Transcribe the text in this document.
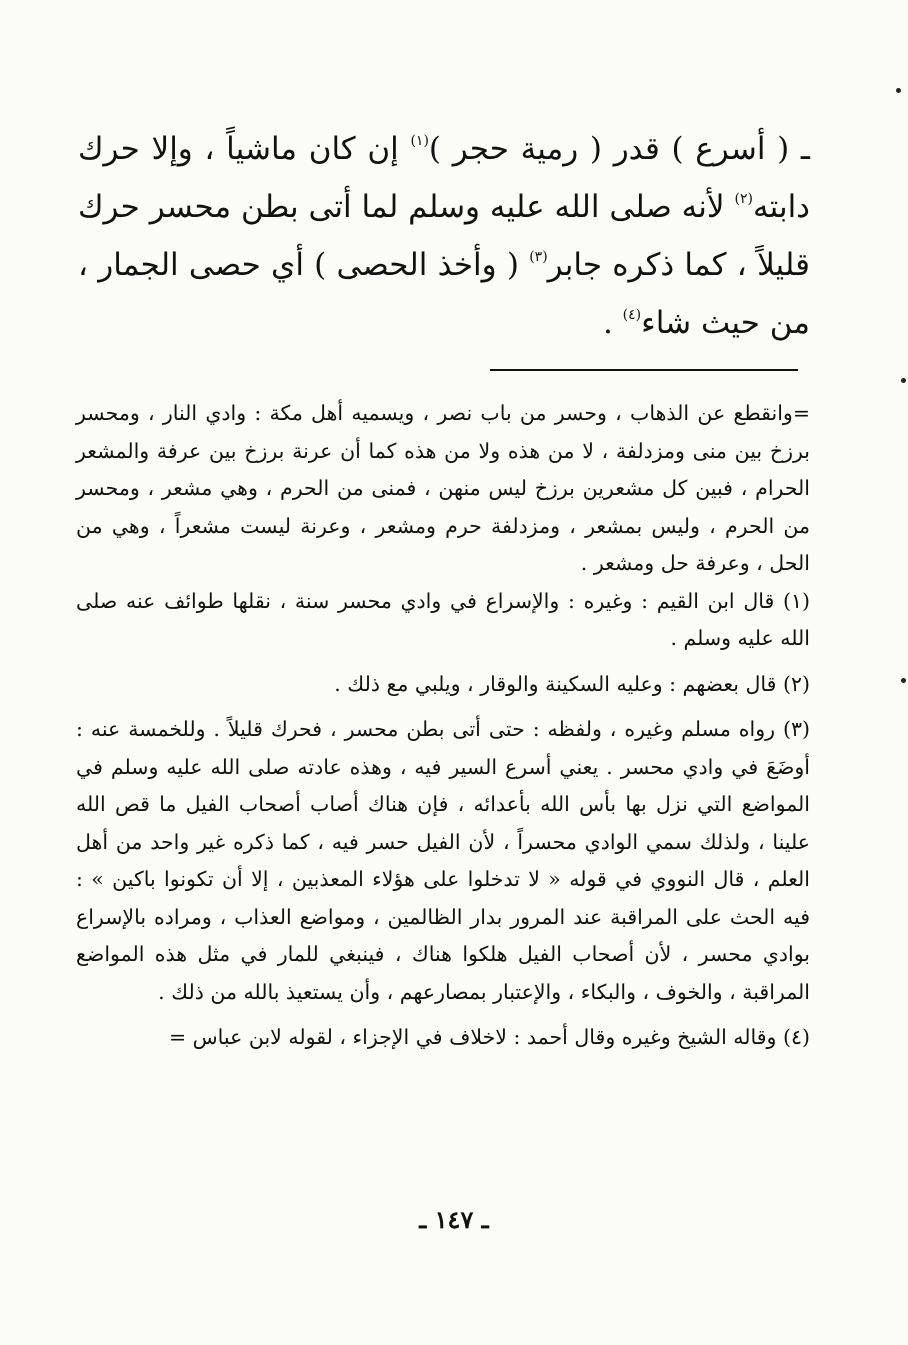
ـ ( أسرع ) قدر ( رمية حجر )$^{(١)}$ إن كان ماشياً ، وإلا حرك دابته$^{(٢)}$ لأنه صلى الله عليه وسلم لما أتى بطن محسر حرك قليلاً ، كما ذكره جابر$^{(٣)}$ ( وأخذ الحصى ) أي حصى الجمار ، من حيث شاء$^{(٤)}$ .

=وانقطع عن الذهاب ، وحسر من باب نصر ، ويسميه أهل مكة : وادي النار ، ومحسر برزخ بين منى ومزدلفة ، لا من هذه ولا من هذه كما أن عرنة برزخ بين عرفة والمشعر الحرام ، فبين كل مشعرين برزخ ليس منهن ، فمنى من الحرم ، وهي مشعر ، ومحسر من الحرم ، وليس بمشعر ، ومزدلفة حرم ومشعر ، وعرنة ليست مشعراً ، وهي من الحل ، وعرفة حل ومشعر .

(١) قال ابن القيم : وغيره : والإسراع في وادي محسر سنة ، نقلها طوائف عنه صلى الله عليه وسلم .

(٢) قال بعضهم : وعليه السكينة والوقار ، ويلبي مع ذلك .

(٣) رواه مسلم وغيره ، ولفظه : حتى أتى بطن محسر ، فحرك قليلاً . وللخمسة عنه : أوضَعَ في وادي محسر . يعني أسرع السير فيه ، وهذه عادته صلى الله عليه وسلم في المواضع التي نزل بها بأس الله بأعدائه ، فإن هناك أصاب أصحاب الفيل ما قص الله علينا ، ولذلك سمي الوادي محسراً ، لأن الفيل حسر فيه ، كما ذكره غير واحد من أهل العلم ، قال النووي في قوله « لا تدخلوا على هؤلاء المعذبين ، إلا أن تكونوا باكين » : فيه الحث على المراقبة عند المرور بدار الظالمين ، ومواضع العذاب ، ومراده بالإسراع بوادي محسر ، لأن أصحاب الفيل هلكوا هناك ، فينبغي للمار في مثل هذه المواضع المراقبة ، والخوف ، والبكاء ، والإعتبار بمصارعهم ، وأن يستعيذ بالله من ذلك .

(٤) وقاله الشيخ وغيره وقال أحمد : لاخلاف في الإجزاء ، لقوله لابن عباس =

ـ ١٤٧ ـ
